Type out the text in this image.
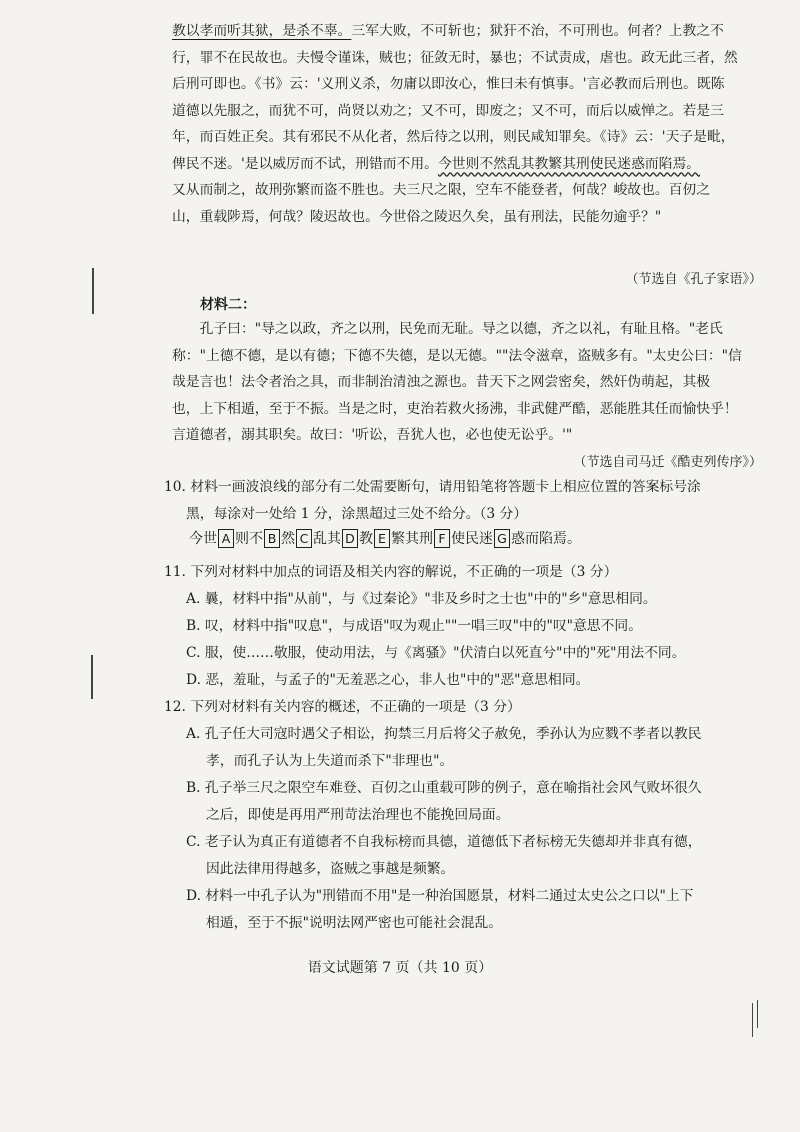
教以孝而听其狱，是杀不辜。三军大败，不可斩也；狱犴不治，不可刑也。何者？上教之不

行，罪不在民故也。夫慢令谨诛，贼也；征敛无时，暴也；不试责成，虐也。政无此三者，然

后刑可即也。《书》云：'义刑义杀，勿庸以即汝心，惟曰未有慎事。'言必教而后刑也。既陈

道德以先服之，而犹不可，尚贤以劝之；又不可，即废之；又不可，而后以威惮之。若是三

年，而百姓正矣。其有邪民不从化者，然后待之以刑，则民咸知罪矣。《诗》云：'天子是毗，

俾民不迷。'是以威厉而不试，刑错而不用。今世则不然乱其教繁其刑使民迷惑而陷焉。

又从而制之，故刑弥繁而盗不胜也。夫三尺之限，空车不能登者，何哉？峻故也。百仞之

山，重载陟焉，何哉？陵迟故也。今世俗之陵迟久矣，虽有刑法，民能勿逾乎？"

（节选自《孔子家语》）
材料二：

孔子曰："导之以政，齐之以刑，民免而无耻。导之以德，齐之以礼，有耻且格。"老氏

称："上德不德，是以有德；下德不失德，是以无德。""法令滋章，盗贼多有。"太史公曰："信

哉是言也！法令者治之具，而非制治清浊之源也。昔天下之网尝密矣，然奸伪萌起，其极

也，上下相遁，至于不振。当是之时，吏治若救火扬沸，非武健严酷，恶能胜其任而愉快乎！

言道德者，溺其职矣。故曰：'听讼，吾犹人也，必也使无讼乎。'"

（节选自司马迁《酷吏列传序》）
10. 材料一画波浪线的部分有二处需要断句，请用铅笔将答题卡上相应位置的答案标号涂
黑，每涂对一处给 1 分，涂黑超过三处不给分。（3 分）
今世 A 则不 B 然 C 乱其 D 教 E 繁其刑 F 使民迷 G 惑而陷焉。
11. 下列对材料中加点的词语及相关内容的解说，不正确的一项是（3 分）
A. 曩，材料中指"从前"，与《过秦论》"非及乡时之士也"中的"乡"意思相同。
B. 叹，材料中指"叹息"，与成语"叹为观止""一唱三叹"中的"叹"意思不同。
C. 服，使……敬服，使动用法，与《离骚》"伏清白以死直兮"中的"死"用法不同。
D. 恶，羞耻，与孟子的"无羞恶之心，非人也"中的"恶"意思相同。
12. 下列对材料有关内容的概述，不正确的一项是（3 分）
A. 孔子任大司寇时遇父子相讼，拘禁三月后将父子赦免，季孙认为应戮不孝者以教民
孝，而孔子认为上失道而杀下"非理也"。
B. 孔子举三尺之限空车难登、百仞之山重载可陟的例子，意在喻指社会风气败坏很久
之后，即使是再用严刑苛法治理也不能挽回局面。
C. 老子认为真正有道德者不自我标榜而具德，道德低下者标榜无失德却并非真有德，
因此法律用得越多，盗贼之事越是频繁。
D. 材料一中孔子认为"刑错而不用"是一种治国愿景，材料二通过太史公之口以"上下
相遁，至于不振"说明法网严密也可能社会混乱。
语文试题第 7 页（共 10 页）
